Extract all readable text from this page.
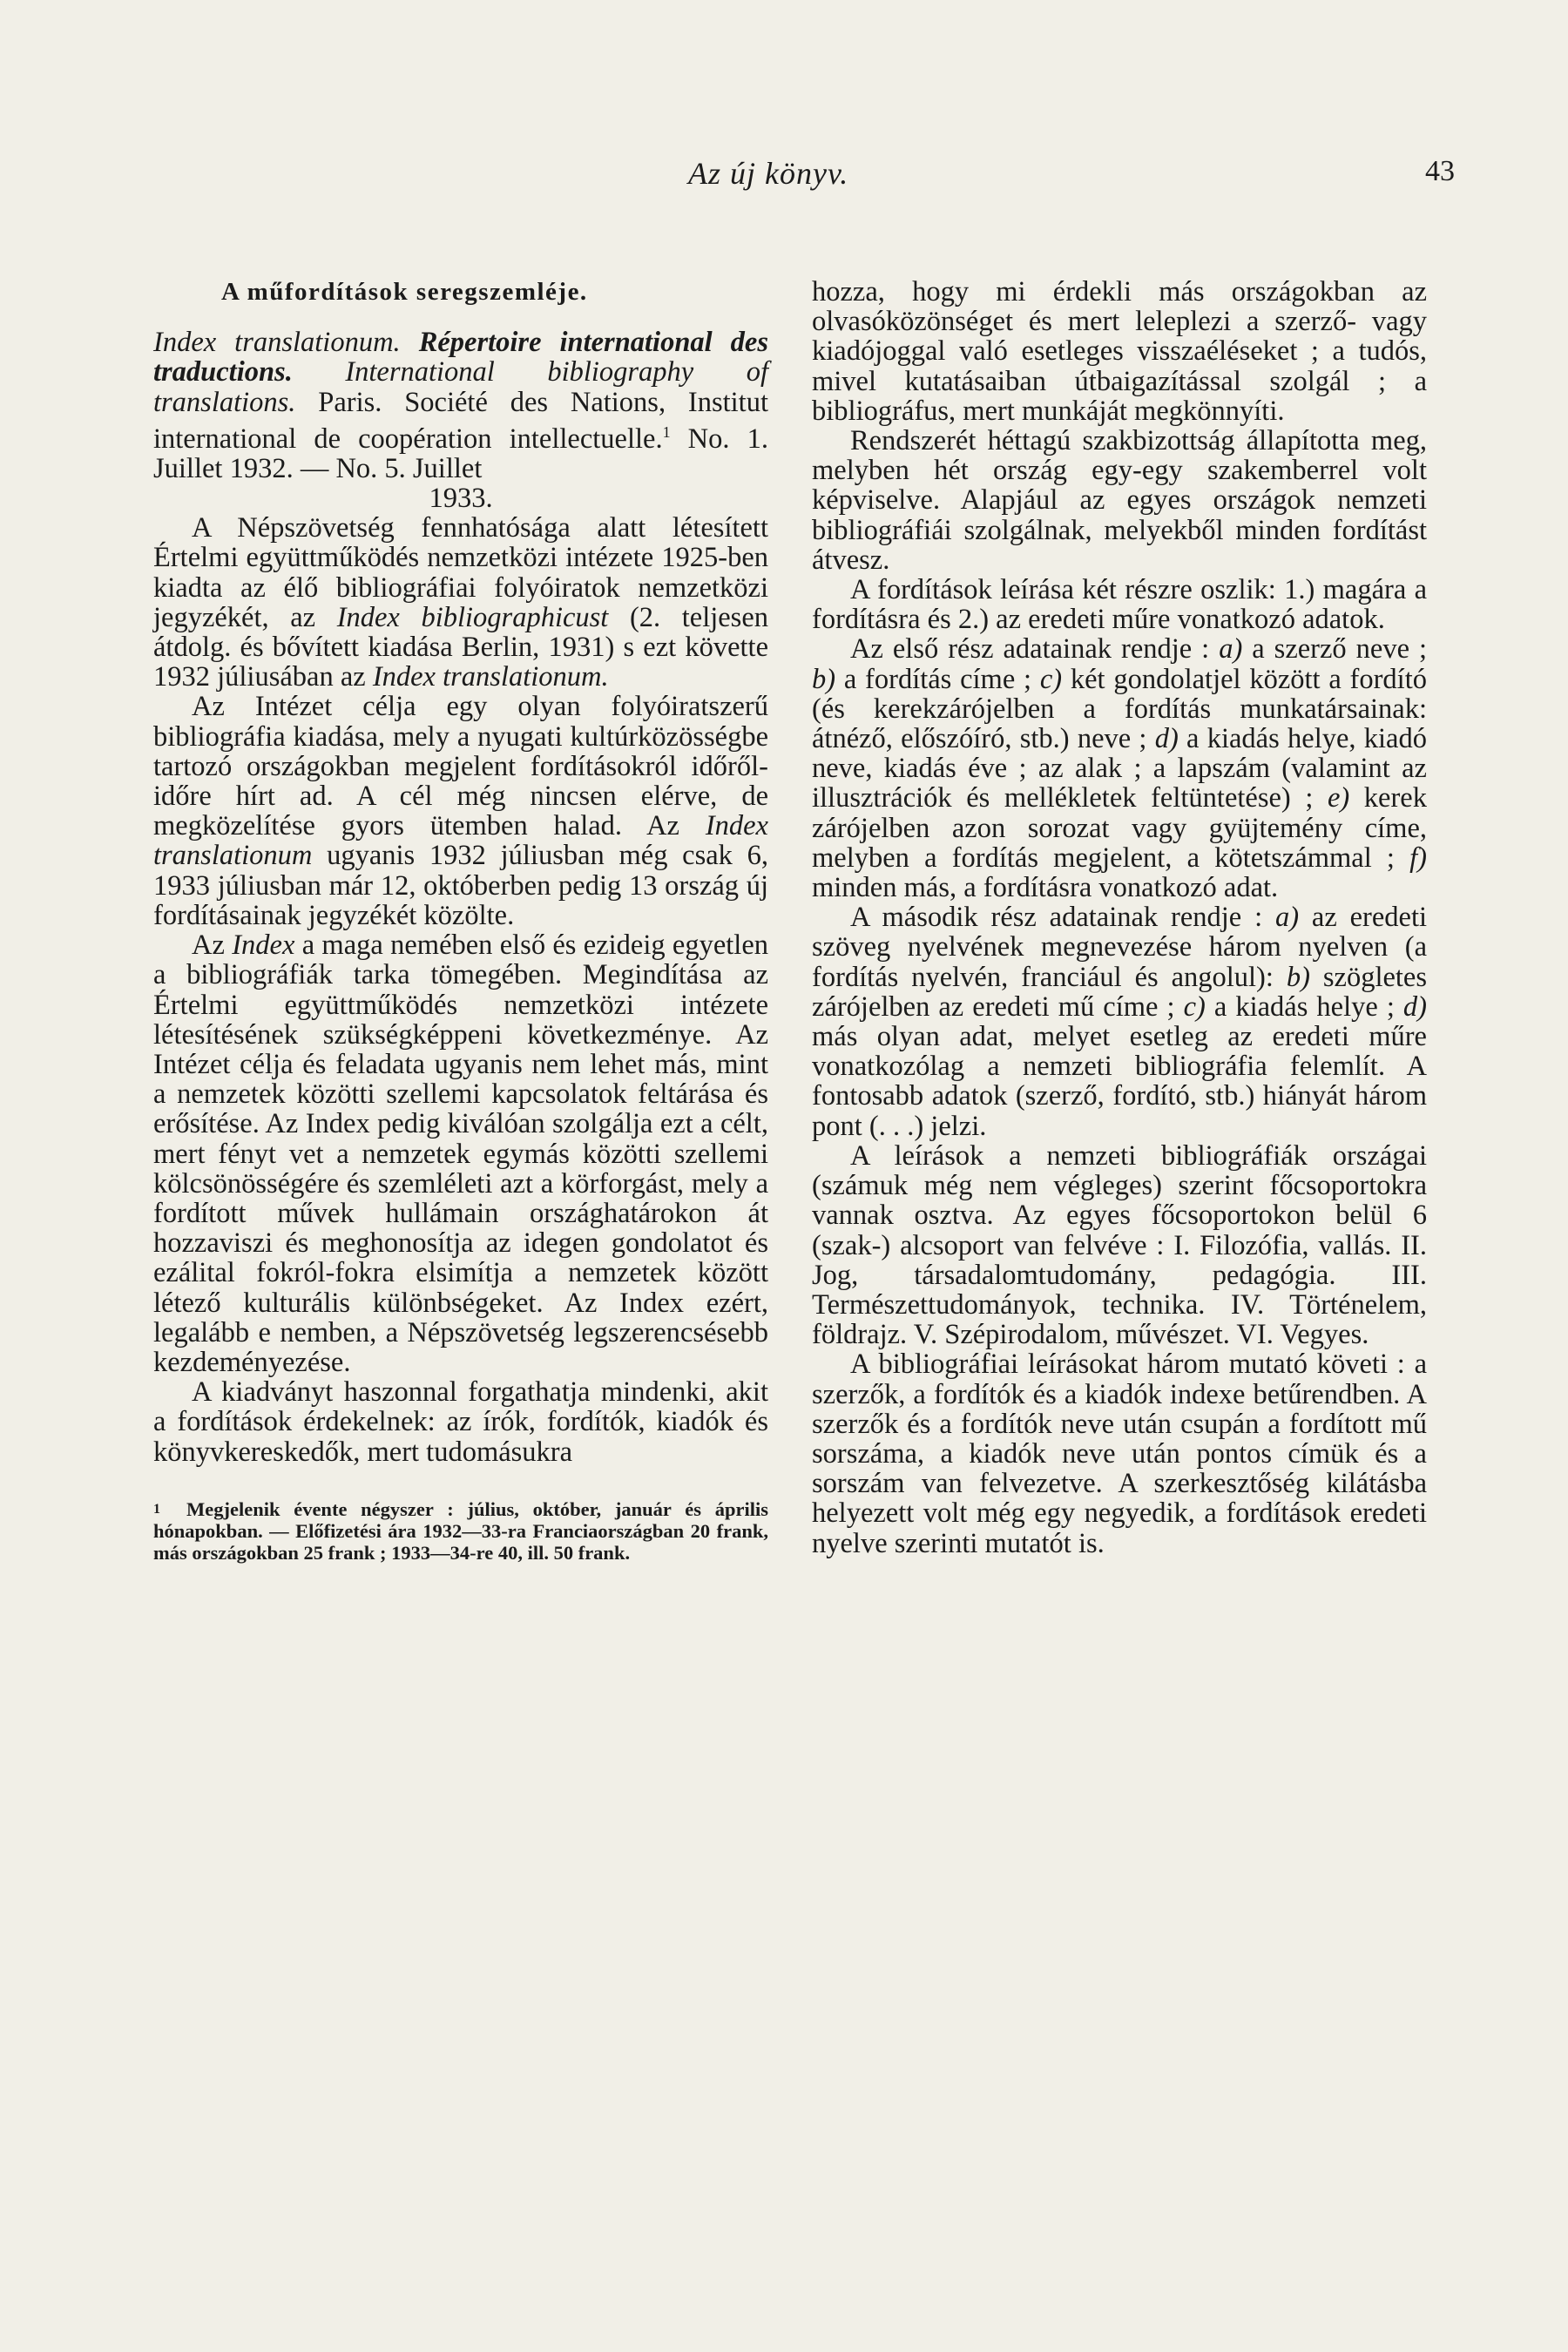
Az új könyv.	43
A műfordítások seregszemléje.

Index translationum. Répertoire international des traductions. International bibliography of translations. Paris. Société des Nations, Institut international de coopération intellectuelle.$^1$ No. 1. Juillet 1932. — No. 5. Juillet
1933.

A Népszövetség fennhatósága alatt létesített Értelmi együttműködés nemzetközi intézete 1925-ben kiadta az élő bibliográfiai folyóiratok nemzetközi jegyzékét, az Index bibliographicust (2. teljesen átdolg. és bővített kiadása Berlin, 1931) s ezt követte 1932 júliusában az Index translationum.

Az Intézet célja egy olyan folyóiratszerű bibliográfia kiadása, mely a nyugati kultúrközösségbe tartozó országokban megjelent fordításokról időről-időre hírt ad. A cél még nincsen elérve, de megközelítése gyors ütemben halad. Az Index translationum ugyanis 1932 júliusban még csak 6, 1933 júliusban már 12, októberben pedig 13 ország új fordításainak jegyzékét közölte.

Az Index a maga nemében első és ezideig egyetlen a bibliográfiák tarka tömegében. Megindítása az Értelmi együttműködés nemzetközi intézete létesítésének szükségképpeni következménye. Az Intézet célja és feladata ugyanis nem lehet más, mint a nemzetek közötti szellemi kapcsolatok feltárása és erősítése. Az Index pedig kiválóan szolgálja ezt a célt, mert fényt vet a nemzetek egymás közötti szellemi kölcsönösségére és szemléleti azt a körforgást, mely a fordított művek hullámain országhatárokon át hozzaviszi és meghonosítja az idegen gondolatot és ezálital fokról-fokra elsimítja a nemzetek között létező kulturális különbségeket. Az Index ezért, legalább e nemben, a Népszövetség legszerencsésebb kezdeményezése.

A kiadványt haszonnal forgathatja mindenki, akit a fordítások érdekelnek: az írók, fordítók, kiadók és könyvkereskedők, mert tudomásukra

1 Megjelenik évente négyszer : július, október, január és április hónapokban. — Előfizetési ára 1932—33-ra Franciaországban 20 frank, más országokban 25 frank ; 1933—34-re 40, ill. 50 frank.

hozza, hogy mi érdekli más országokban az olvasóközönséget és mert leleplezi a szerző- vagy kiadójoggal való esetleges visszaéléseket ; a tudós, mivel kutatásaiban útbaigazítással szolgál ; a bibliográfus, mert munkáját megkönnyíti.

Rendszerét héttagú szakbizottság állapította meg, melyben hét ország egy-egy szakemberrel volt képviselve. Alapjául az egyes országok nemzeti bibliográfiái szolgálnak, melyekből minden fordítást átvesz.

A fordítások leírása két részre oszlik: 1.) magára a fordításra és 2.) az eredeti műre vonatkozó adatok.

Az első rész adatainak rendje : a) a szerző neve ; b) a fordítás címe ; c) két gondolatjel között a fordító (és kerekzárójelben a fordítás munkatársainak: átnéző, előszóíró, stb.) neve ; d) a kiadás helye, kiadó neve, kiadás éve ; az alak ; a lapszám (valamint az illusztrációk és mellékletek feltüntetése) ; e) kerek zárójelben azon sorozat vagy gyüjtemény címe, melyben a fordítás megjelent, a kötetszámmal ; f) minden más, a fordításra vonatkozó adat.

A második rész adatainak rendje : a) az eredeti szöveg nyelvének megnevezése három nyelven (a fordítás nyelvén, franciául és angolul): b) szögletes zárójelben az eredeti mű címe ; c) a kiadás helye ; d) más olyan adat, melyet esetleg az eredeti műre vonatkozólag a nemzeti bibliográfia felemlít. A fontosabb adatok (szerző, fordító, stb.) hiányát három pont (. . .) jelzi.

A leírások a nemzeti bibliográfiák országai (számuk még nem végleges) szerint főcsoportokra vannak osztva. Az egyes főcsoportokon belül 6 (szak-) alcsoport van felvéve : I. Filozófia, vallás. II. Jog, társadalomtudomány, pedagógia. III. Természettudományok, technika. IV. Történelem, földrajz. V. Szépirodalom, művészet. VI. Vegyes.

A bibliográfiai leírásokat három mutató követi : a szerzők, a fordítók és a kiadók indexe betűrendben. A szerzők és a fordítók neve után csupán a fordított mű sorszáma, a kiadók neve után pontos címük és a sorszám van felvezetve. A szerkesztőség kilátásba helyezett volt még egy negyedik, a fordítások eredeti nyelve szerinti mutatót is.
